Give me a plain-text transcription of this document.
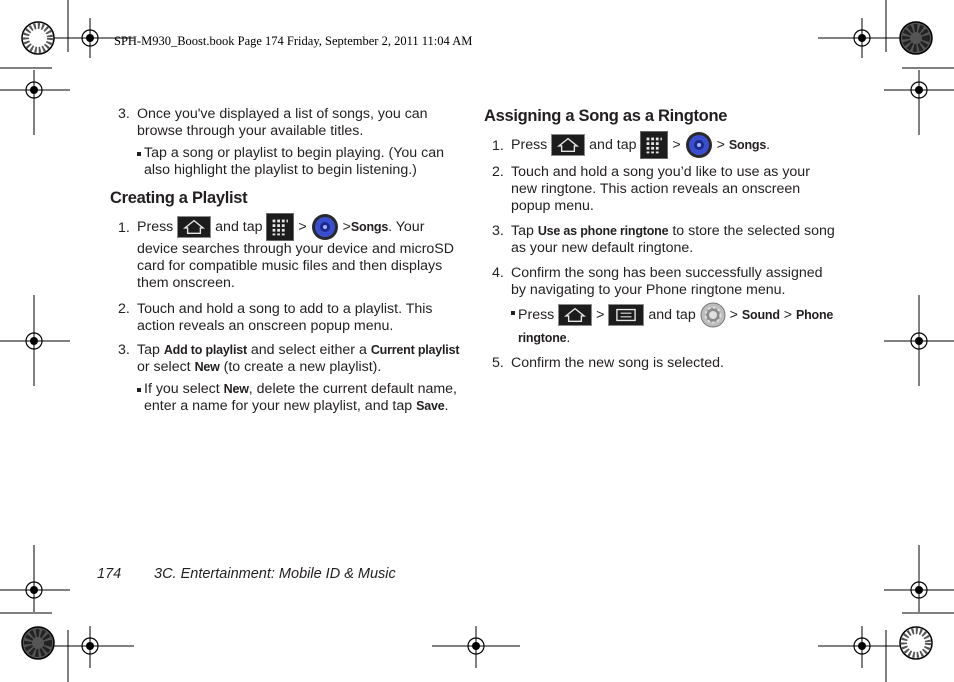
SPH-M930_Boost.book Page 174 Friday, September 2, 2011 11:04 AM
3. Once you've displayed a list of songs, you can browse through your available titles.
Tap a song or playlist to begin playing. (You can also highlight the playlist to begin listening.)
Creating a Playlist
1. Press	and tap	>	>Songs. Your device searches through your device and microSD card for compatible music files and then displays them onscreen.
2. Touch and hold a song to add to a playlist. This action reveals an onscreen popup menu.
3. Tap Add to playlist and select either a Current playlist or select New (to create a new playlist).
If you select New, delete the current default name, enter a name for your new playlist, and tap Save.
Assigning a Song as a Ringtone
1. Press	and tap	>	> Songs.
2. Touch and hold a song you’d like to use as your new ringtone. This action reveals an onscreen popup menu.
3. Tap Use as phone ringtone to store the selected song as your new default ringtone.
4. Confirm the song has been successfully assigned by navigating to your Phone ringtone menu.
Press	>	and tap > Sound > Phone ringtone.
5. Confirm the new song is selected.
174 3C. Entertainment: Mobile ID & Music
